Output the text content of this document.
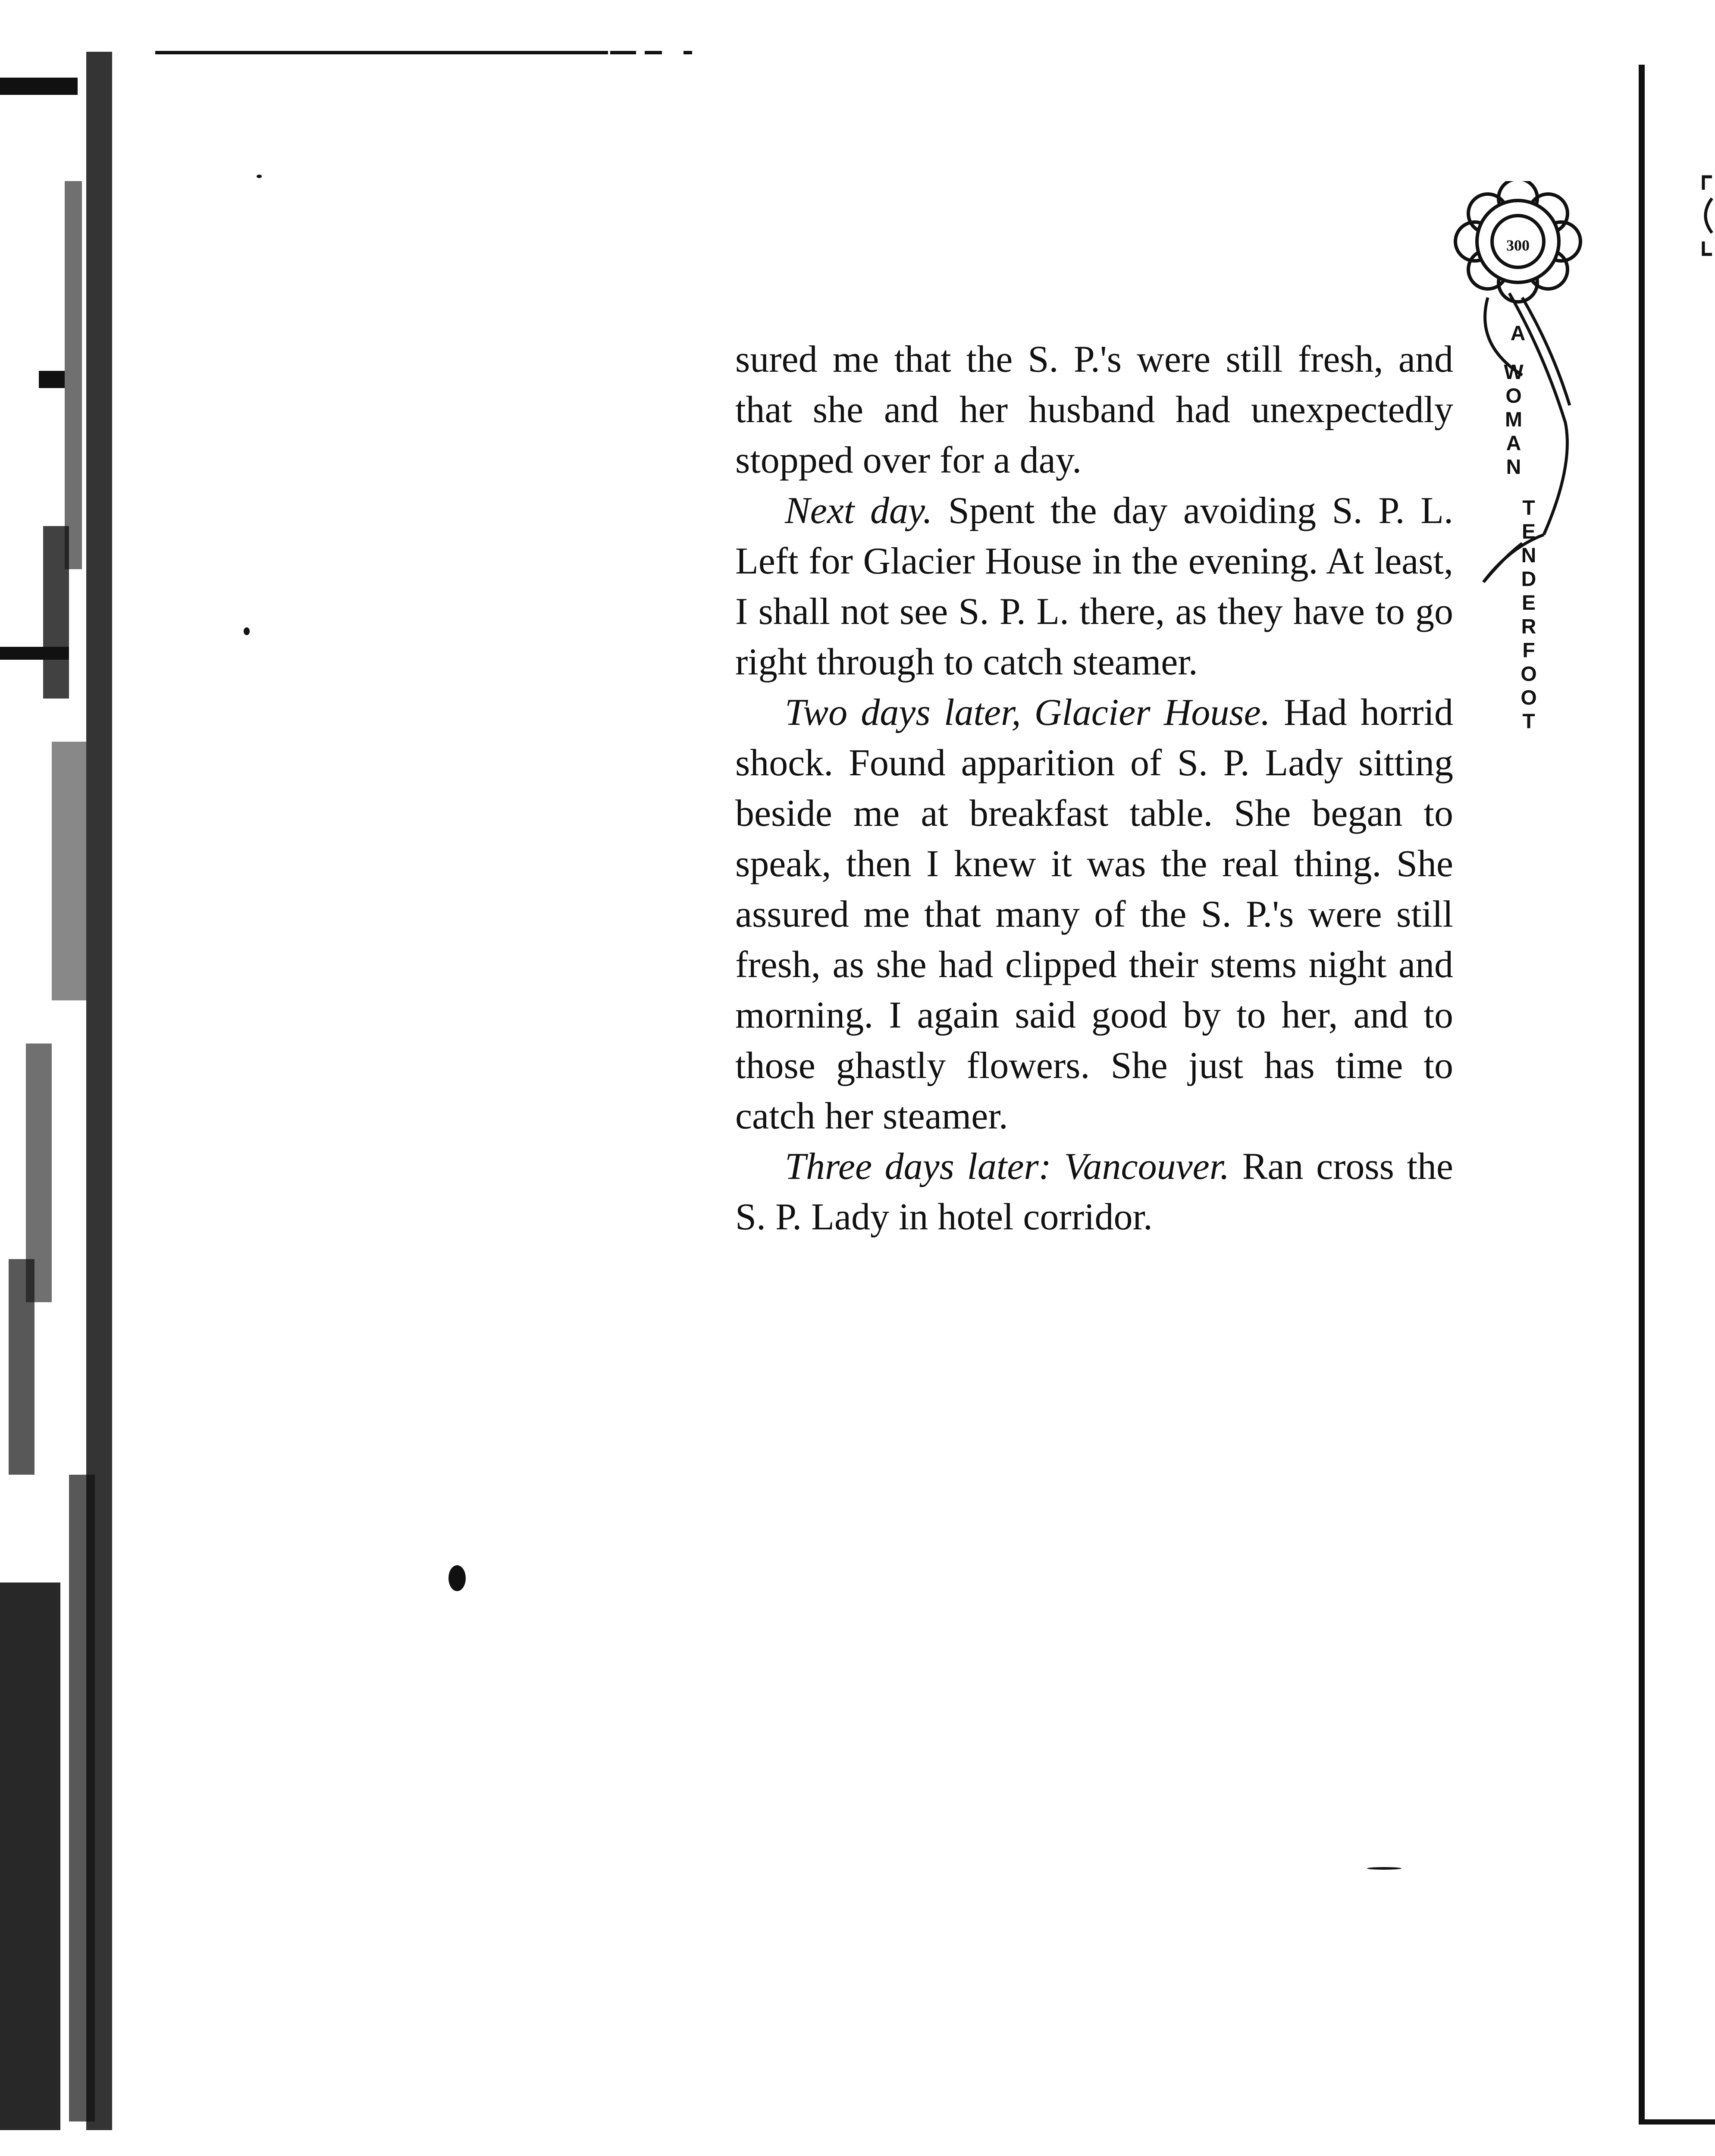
300
A
W
O
M
A
N
T
E
N
D
E
R
F
O
O
T

sured me that the S. P.'s were still fresh, and that she and her husband had unexpectedly stopped over for a day.

Next day. Spent the day avoiding S. P. L. Left for Glacier House in the evening. At least, I shall not see S. P. L. there, as they have to go right through to catch steamer.

Two days later, Glacier House. Had horrid shock. Found apparition of S. P. Lady sitting beside me at breakfast table. She began to speak, then I knew it was the real thing. She assured me that many of the S. P.'s were still fresh, as she had clipped their stems night and morning. I again said good by to her, and to those ghastly flowers. She just has time to catch her steamer.

Three days later: Vancouver. Ran cross the S. P. Lady in hotel corridor.
